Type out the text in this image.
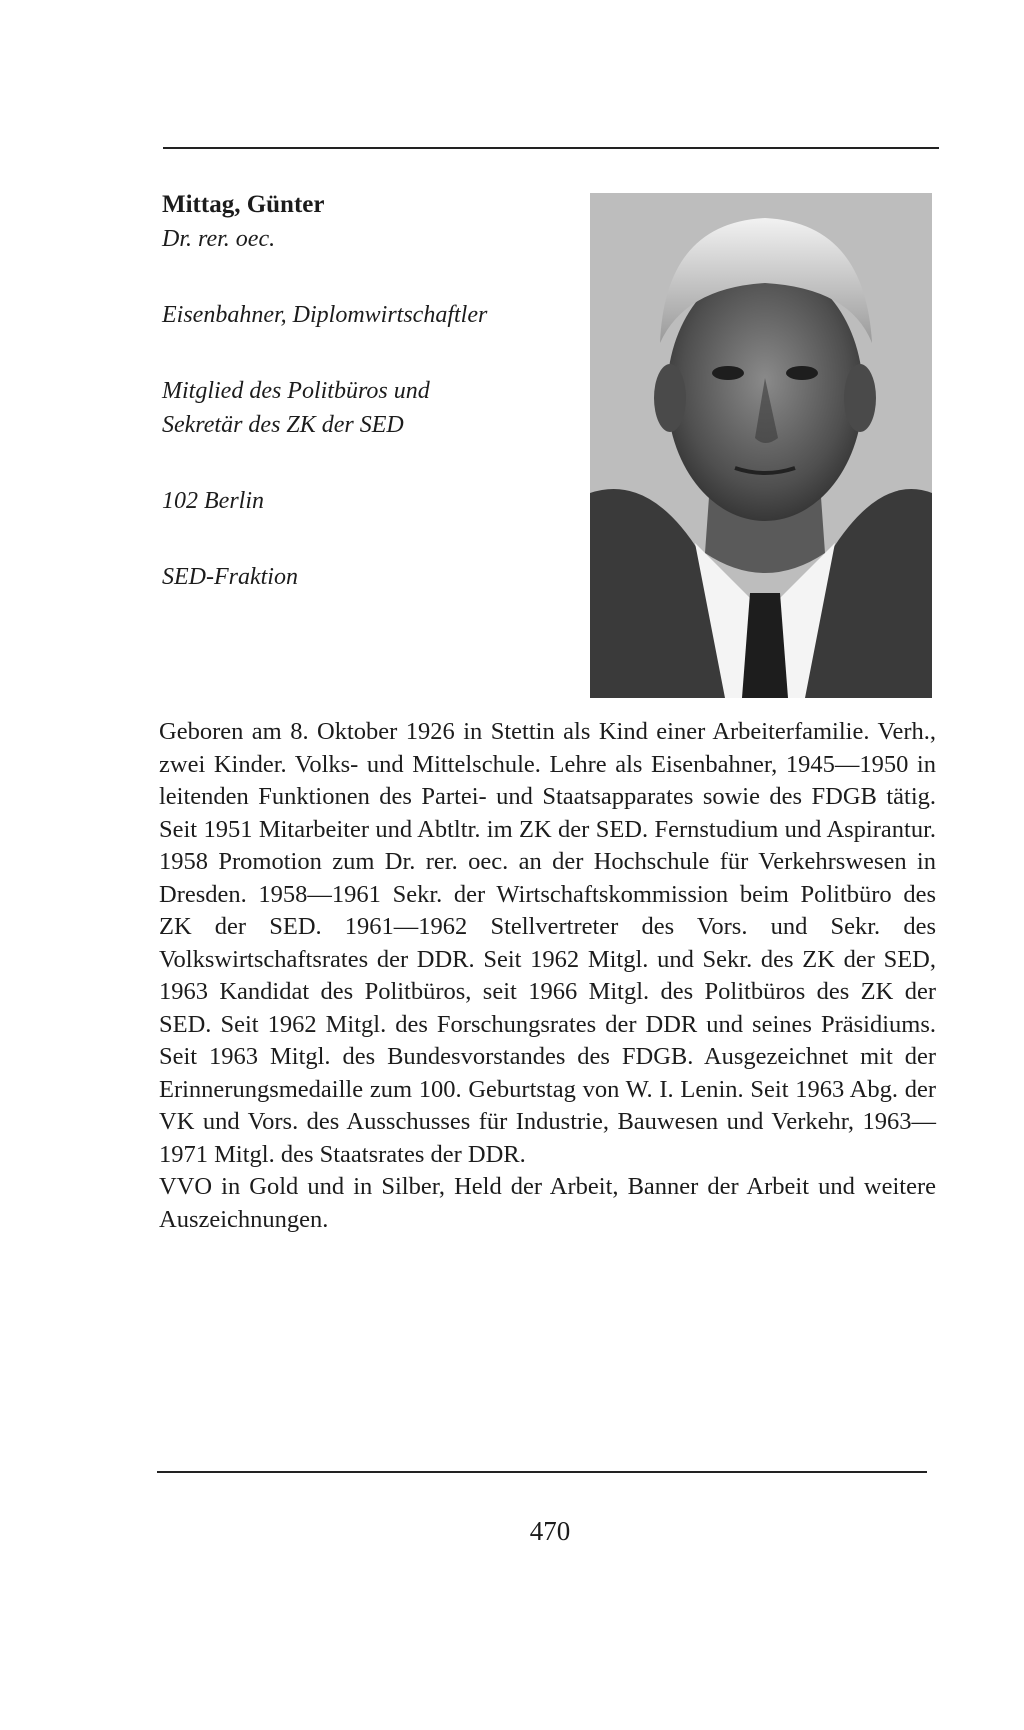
Mittag, Günter
Dr. rer. oec.
Eisenbahner, Diplomwirtschaftler
Mitglied des Politbüros und
Sekretär des ZK der SED
102 Berlin
SED-Fraktion

Geboren am 8. Oktober 1926 in Stettin als Kind einer Arbeiterfamilie. Verh., zwei Kinder. Volks- und Mittelschule. Lehre als Eisenbahner, 1945—1950 in leitenden Funktionen des Partei- und Staatsapparates sowie des FDGB tätig. Seit 1951 Mitarbeiter und Abtltr. im ZK der SED. Fernstudium und Aspirantur. 1958 Promotion zum Dr. rer. oec. an der Hochschule für Verkehrswesen in Dresden. 1958—1961 Sekr. der Wirtschaftskommission beim Politbüro des ZK der SED. 1961—1962 Stellvertreter des Vors. und Sekr. des Volkswirtschaftsrates der DDR. Seit 1962 Mitgl. und Sekr. des ZK der SED, 1963 Kandidat des Politbüros, seit 1966 Mitgl. des Politbüros des ZK der SED. Seit 1962 Mitgl. des Forschungsrates der DDR und seines Präsidiums. Seit 1963 Mitgl. des Bundesvorstandes des FDGB. Ausgezeichnet mit der Erinnerungsmedaille zum 100. Geburtstag von W. I. Lenin. Seit 1963 Abg. der VK und Vors. des Ausschusses für Industrie, Bauwesen und Verkehr, 1963—1971 Mitgl. des Staatsrates der DDR.

VVO in Gold und in Silber, Held der Arbeit, Banner der Arbeit und weitere Auszeichnungen.

470
